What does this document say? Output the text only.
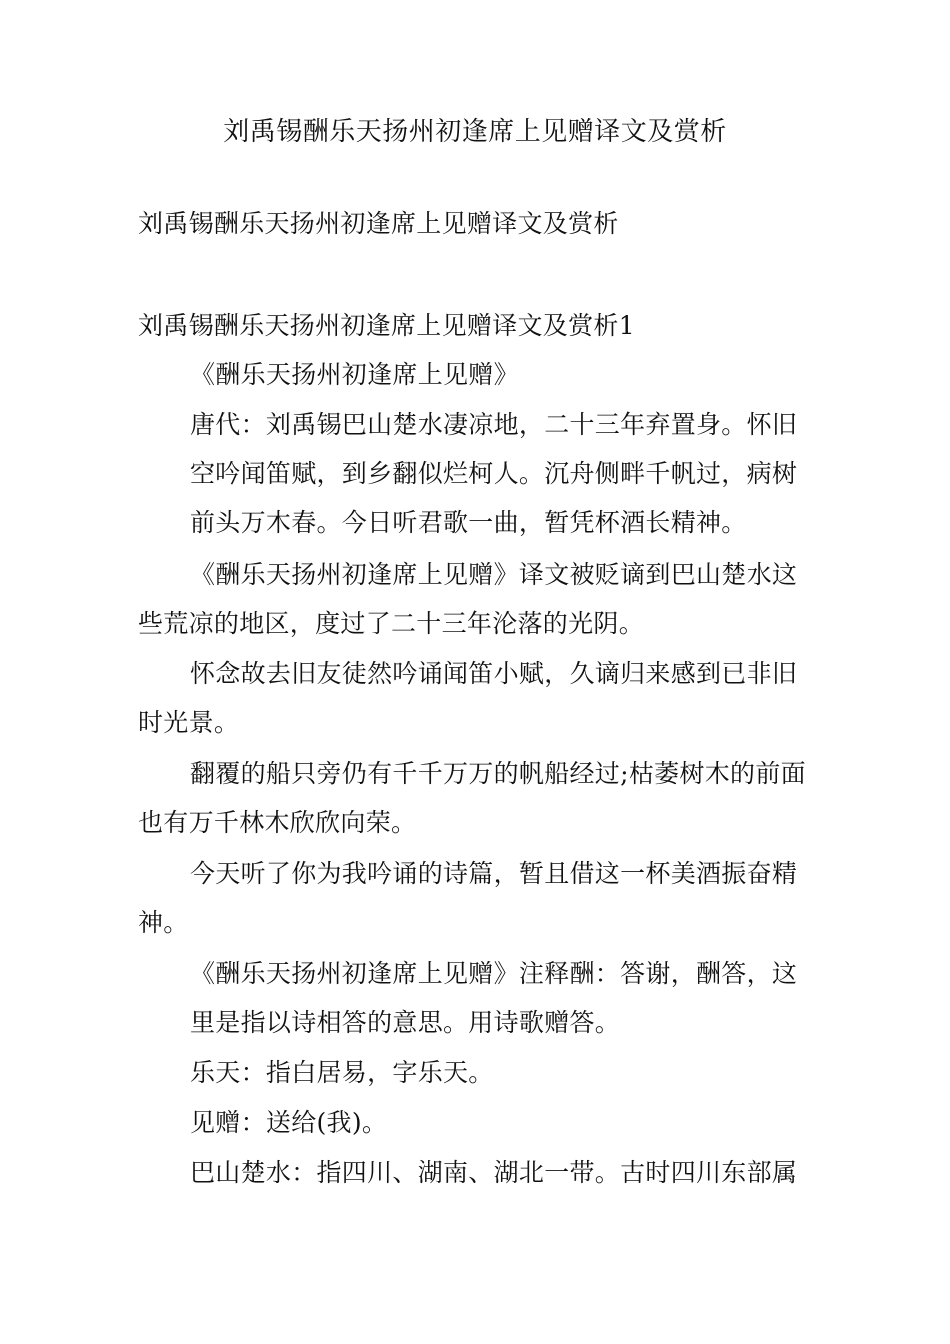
刘禹锡酬乐天扬州初逢席上见赠译文及赏析
刘禹锡酬乐天扬州初逢席上见赠译文及赏析
刘禹锡酬乐天扬州初逢席上见赠译文及赏析1
《酬乐天扬州初逢席上见赠》
唐代：刘禹锡巴山楚水凄凉地，二十三年弃置身。怀旧
空吟闻笛赋，到乡翻似烂柯人。沉舟侧畔千帆过，病树
前头万木春。今日听君歌一曲，暂凭杯酒长精神。
《酬乐天扬州初逢席上见赠》译文被贬谪到巴山楚水这
些荒凉的地区，度过了二十三年沦落的光阴。
怀念故去旧友徒然吟诵闻笛小赋，久谪归来感到已非旧
时光景。
翻覆的船只旁仍有千千万万的帆船经过;枯萎树木的前面
也有万千林木欣欣向荣。
今天听了你为我吟诵的诗篇，暂且借这一杯美酒振奋精
神。
《酬乐天扬州初逢席上见赠》注释酬：答谢，酬答，这
里是指以诗相答的意思。用诗歌赠答。
乐天：指白居易，字乐天。
见赠：送给(我)。
巴山楚水：指四川、湖南、湖北一带。古时四川东部属
